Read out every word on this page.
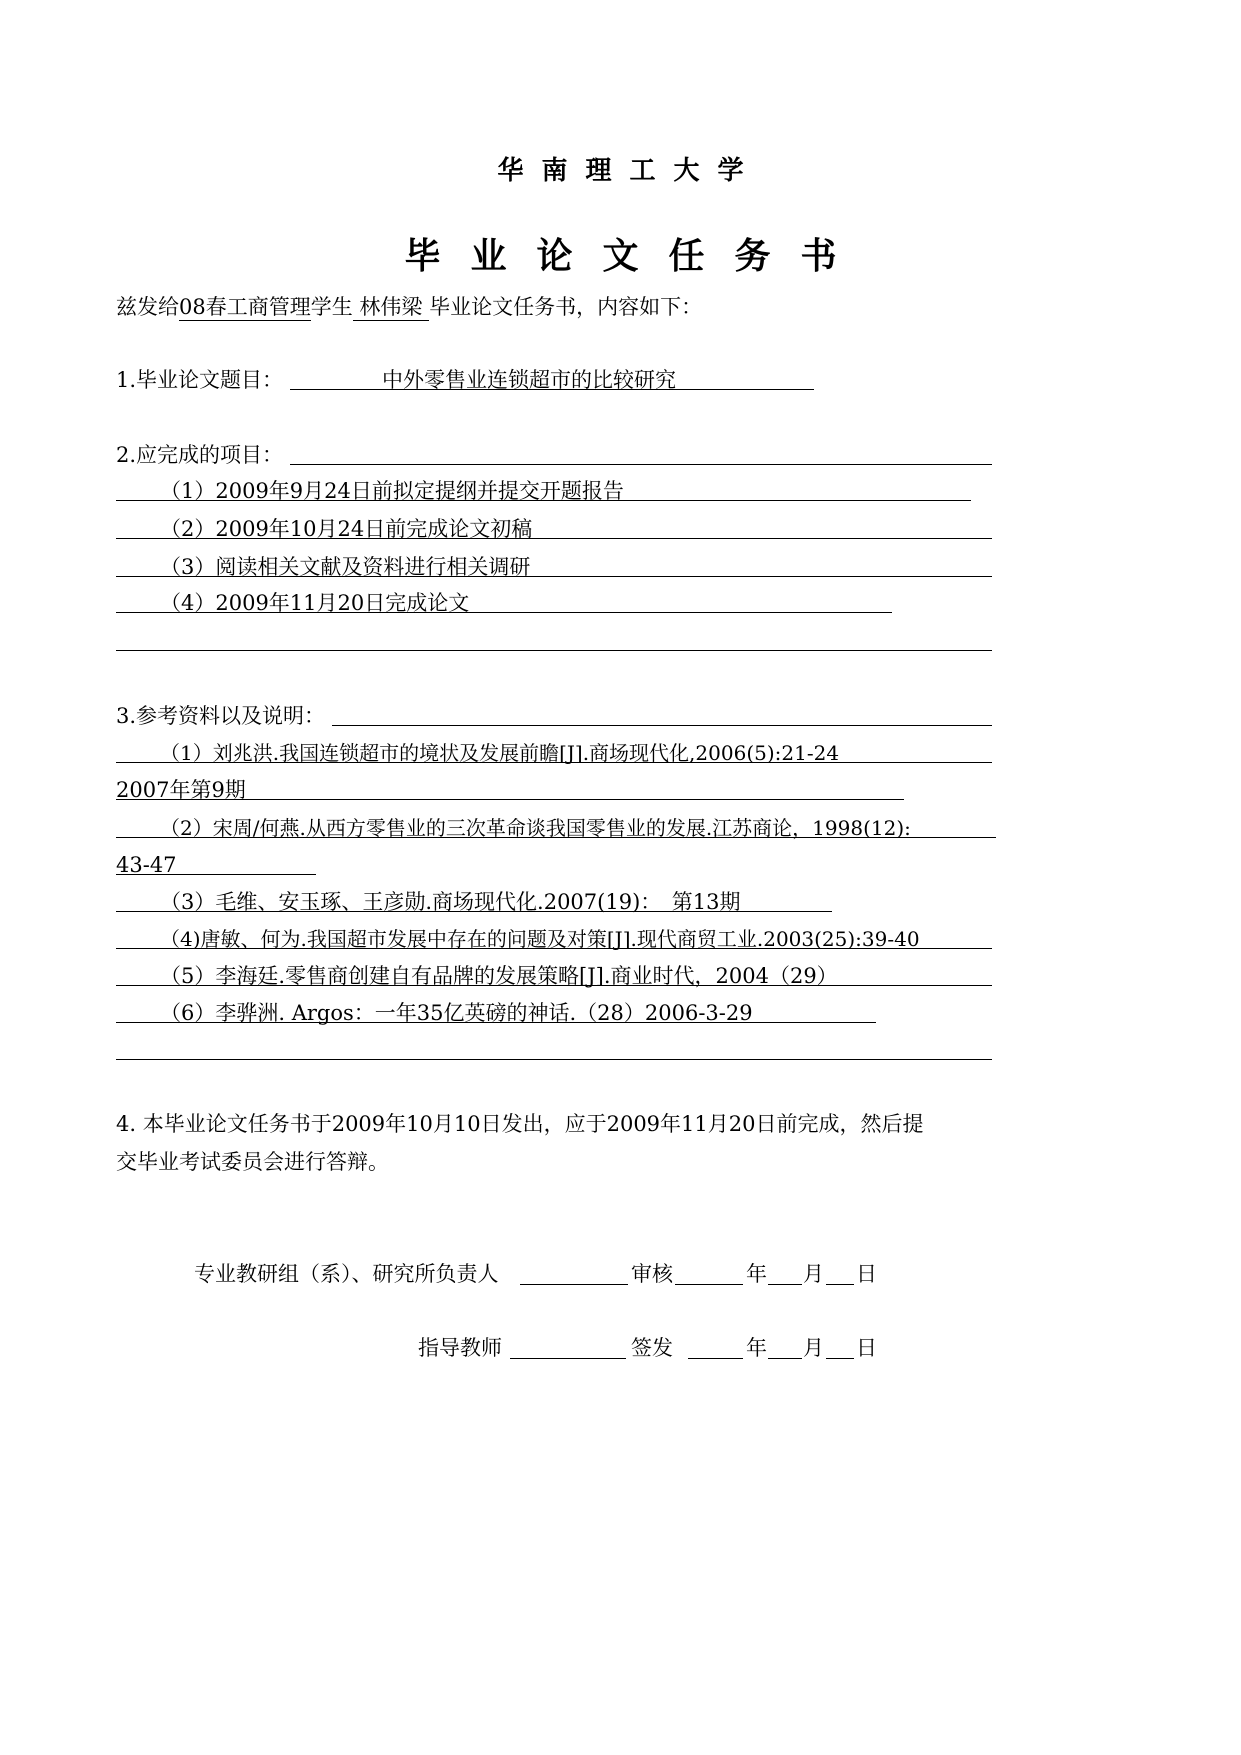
华南理工大学
毕业论文任务书
兹发给08春工商管理学生 林伟梁 毕业论文任务书，内容如下：
1.毕业论文题目：	中外零售业连锁超市的比较研究
2.应完成的项目：
（1）2009年9月24日前拟定提纲并提交开题报告
（2）2009年10月24日前完成论文初稿
（3）阅读相关文献及资料进行相关调研
（4）2009年11月20日完成论文
3.参考资料以及说明：
（1）刘兆洪.我国连锁超市的境状及发展前瞻[J].商场现代化,2006(5):21-24
2007年第9期
（2）宋周/何燕.从西方零售业的三次革命谈我国零售业的发展.江苏商论，1998(12):
43-47
（3）毛维、安玉琢、王彦勋.商场现代化.2007(19)：　第13期
（4)唐敏、何为.我国超市发展中存在的问题及对策[J].现代商贸工业.2003(25):39-40
（5）李海廷.零售商创建自有品牌的发展策略[J].商业时代，2004（29）
（6）李骅洲. Argos：一年35亿英磅的神话.（28）2006-3-29
4. 本毕业论文任务书于2009年10月10日发出，应于2009年11月20日前完成，然后提
交毕业考试委员会进行答辩。
专业教研组（系）、研究所负责人	审核	年 月 日
指导教师	签发	年 月 日
